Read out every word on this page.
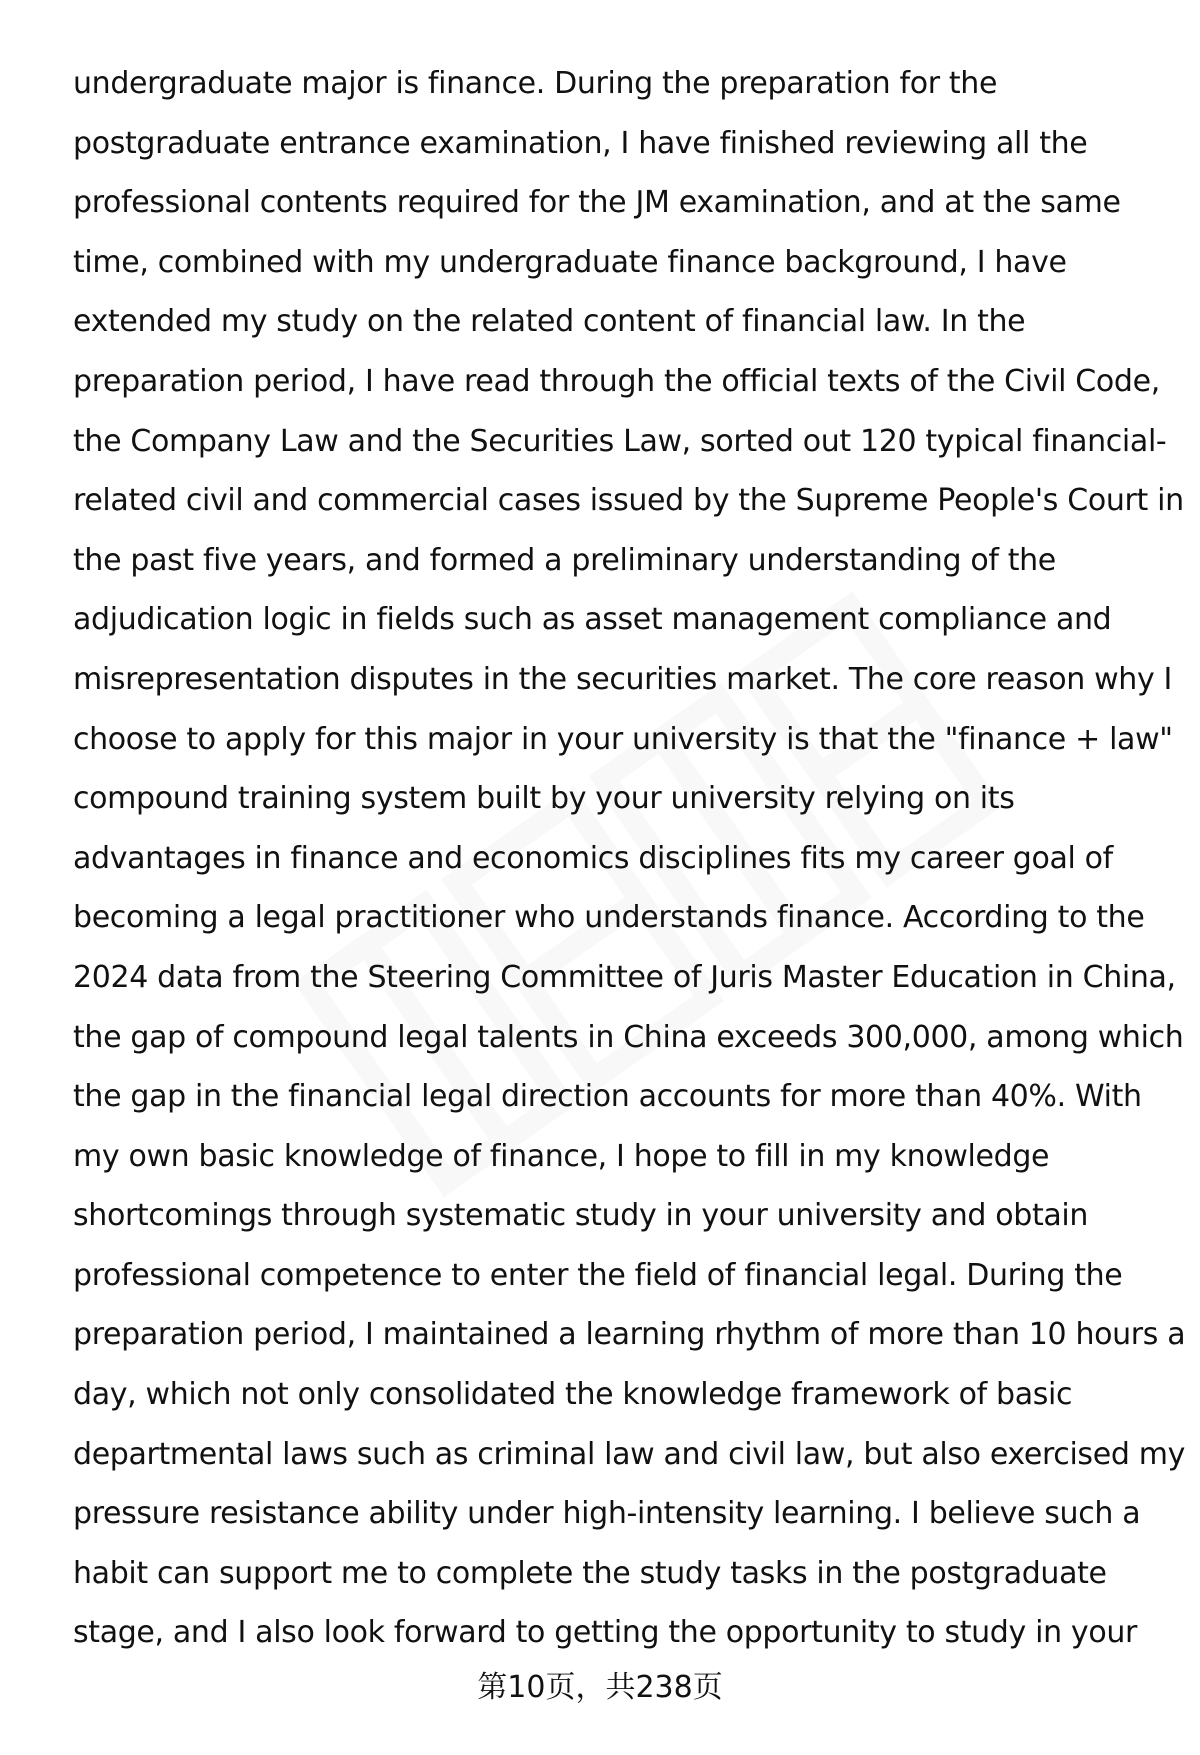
undergraduate major is finance. During the preparation for the
postgraduate entrance examination, I have finished reviewing all the
professional contents required for the JM examination, and at the same
time, combined with my undergraduate finance background, I have
extended my study on the related content of financial law. In the
preparation period, I have read through the official texts of the Civil Code,
the Company Law and the Securities Law, sorted out 120 typical financial-
related civil and commercial cases issued by the Supreme People's Court in
the past five years, and formed a preliminary understanding of the
adjudication logic in fields such as asset management compliance and
misrepresentation disputes in the securities market. The core reason why I
choose to apply for this major in your university is that the "finance + law"
compound training system built by your university relying on its
advantages in finance and economics disciplines fits my career goal of
becoming a legal practitioner who understands finance. According to the
2024 data from the Steering Committee of Juris Master Education in China,
the gap of compound legal talents in China exceeds 300,000, among which
the gap in the financial legal direction accounts for more than 40%. With
my own basic knowledge of finance, I hope to fill in my knowledge
shortcomings through systematic study in your university and obtain
professional competence to enter the field of financial legal. During the
preparation period, I maintained a learning rhythm of more than 10 hours a
day, which not only consolidated the knowledge framework of basic
departmental laws such as criminal law and civil law, but also exercised my
pressure resistance ability under high-intensity learning. I believe such a
habit can support me to complete the study tasks in the postgraduate
stage, and I also look forward to getting the opportunity to study in your
第10页，共238页
